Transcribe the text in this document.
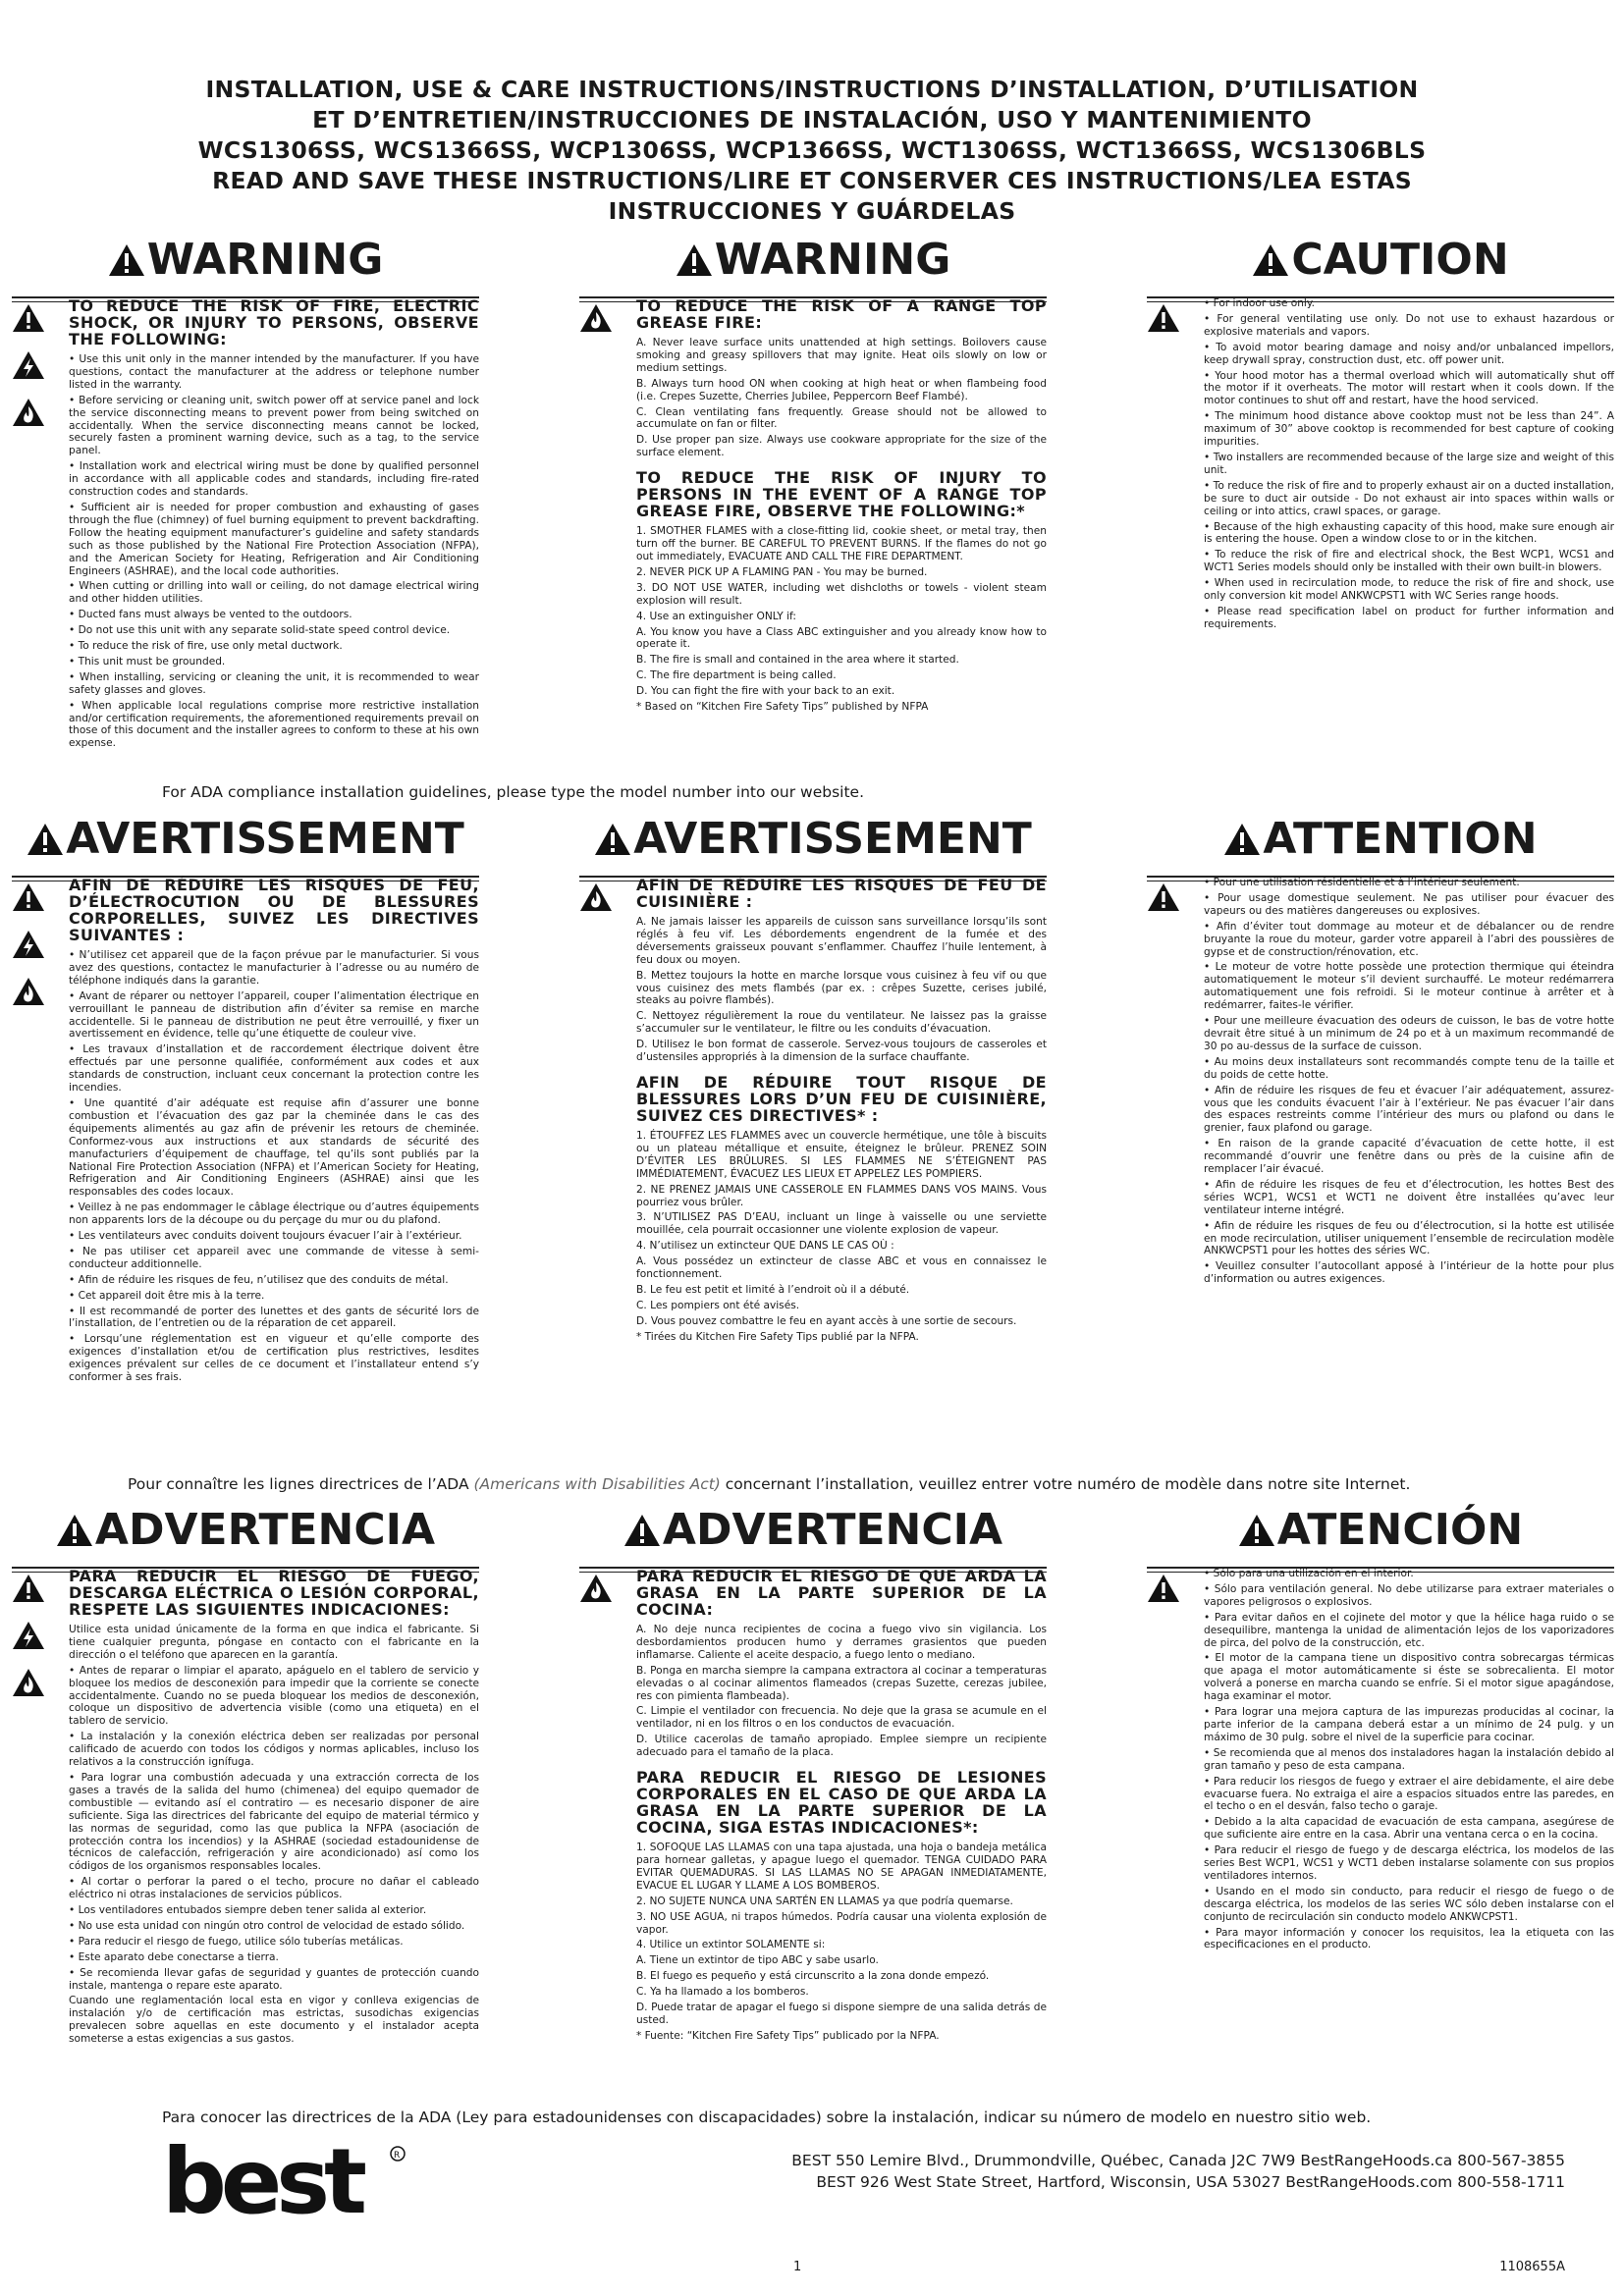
INSTALLATION, USE & CARE INSTRUCTIONS/INSTRUCTIONS D’INSTALLATION, D’UTILISATION
ET D’ENTRETIEN/INSTRUCCIONES DE INSTALACIÓN, USO Y MANTENIMIENTO
WCS1306SS, WCS1366SS, WCP1306SS, WCP1366SS, WCT1306SS, WCT1366SS, WCS1306BLS
READ AND SAVE THESE INSTRUCTIONS/LIRE ET CONSERVER CES INSTRUCTIONS/LEA ESTAS
INSTRUCCIONES Y GUÁRDELAS
WARNING	WARNING	CAUTION
TO REDUCE THE RISK OF FIRE, ELECTRIC SHOCK, OR INJURY TO PERSONS, OBSERVE THE FOLLOWING:
• Use this unit only in the manner intended by the manufacturer. If you have questions, contact the manufacturer at the address or telephone number listed in the warranty.
• Before servicing or cleaning unit, switch power off at service panel and lock the service disconnecting means to prevent power from being switched on accidentally. When the service disconnecting means cannot be locked, securely fasten a prominent warning device, such as a tag, to the service panel.
• Installation work and electrical wiring must be done by qualified personnel in accordance with all applicable codes and standards, including fire-rated construction codes and standards.
• Sufficient air is needed for proper combustion and exhausting of gases through the flue (chimney) of fuel burning equipment to prevent backdrafting. Follow the heating equipment manufacturer’s guideline and safety standards such as those published by the National Fire Protection Association (NFPA), and the American Society for Heating, Refrigeration and Air Conditioning Engineers (ASHRAE), and the local code authorities.
• When cutting or drilling into wall or ceiling, do not damage electrical wiring and other hidden utilities.
• Ducted fans must always be vented to the outdoors.
• Do not use this unit with any separate solid-state speed control device.
• To reduce the risk of fire, use only metal ductwork.
• This unit must be grounded.
• When installing, servicing or cleaning the unit, it is recommended to wear safety glasses and gloves.
• When applicable local regulations comprise more restrictive installation and/or certification requirements, the aforementioned requirements prevail on those of this document and the installer agrees to conform to these at his own expense.
TO REDUCE THE RISK OF A RANGE TOP GREASE FIRE:
A. Never leave surface units unattended at high settings. Boilovers cause smoking and greasy spillovers that may ignite. Heat oils slowly on low or medium settings.
B. Always turn hood ON when cooking at high heat or when flambeing food (i.e. Crepes Suzette, Cherries Jubilee, Peppercorn Beef Flambé).
C. Clean ventilating fans frequently. Grease should not be allowed to accumulate on fan or filter.
D. Use proper pan size. Always use cookware appropriate for the size of the surface element.
TO REDUCE THE RISK OF INJURY TO PERSONS IN THE EVENT OF A RANGE TOP GREASE FIRE, OBSERVE THE FOLLOWING:*
1. SMOTHER FLAMES with a close-fitting lid, cookie sheet, or metal tray, then turn off the burner. BE CAREFUL TO PREVENT BURNS. If the flames do not go out immediately, EVACUATE AND CALL THE FIRE DEPARTMENT.
2. NEVER PICK UP A FLAMING PAN - You may be burned.
3. DO NOT USE WATER, including wet dishcloths or towels - violent steam explosion will result.
4. Use an extinguisher ONLY if:
A. You know you have a Class ABC extinguisher and you already know how to operate it.
B. The fire is small and contained in the area where it started.
C. The fire department is being called.
D. You can fight the fire with your back to an exit.
* Based on “Kitchen Fire Safety Tips” published by NFPA
• For indoor use only.
• For general ventilating use only. Do not use to exhaust hazardous or explosive materials and vapors.
• To avoid motor bearing damage and noisy and/or unbalanced impellors, keep drywall spray, construction dust, etc. off power unit.
• Your hood motor has a thermal overload which will automatically shut off the motor if it overheats. The motor will restart when it cools down. If the motor continues to shut off and restart, have the hood serviced.
• The minimum hood distance above cooktop must not be less than 24”. A maximum of 30” above cooktop is recommended for best capture of cooking impurities.
• Two installers are recommended because of the large size and weight of this unit.
• To reduce the risk of fire and to properly exhaust air on a ducted installation, be sure to duct air outside - Do not exhaust air into spaces within walls or ceiling or into attics, crawl spaces, or garage.
• Because of the high exhausting capacity of this hood, make sure enough air is entering the house. Open a window close to or in the kitchen.
• To reduce the risk of fire and electrical shock, the Best WCP1, WCS1 and WCT1 Series models should only be installed with their own built-in blowers.
• When used in recirculation mode, to reduce the risk of fire and shock, use only conversion kit model ANKWCPST1 with WC Series range hoods.
• Please read specification label on product for further information and requirements.
For ADA compliance installation guidelines, please type the model number into our website.
AVERTISSEMENT	AVERTISSEMENT	ATTENTION
AFIN DE RÉDUIRE LES RISQUES DE FEU, D’ÉLECTROCUTION OU DE BLESSURES CORPORELLES, SUIVEZ LES DIRECTIVES SUIVANTES :
• N’utilisez cet appareil que de la façon prévue par le manufacturier. Si vous avez des questions, contactez le manufacturier à l’adresse ou au numéro de téléphone indiqués dans la garantie.
• Avant de réparer ou nettoyer l’appareil, couper l’alimentation électrique en verrouillant le panneau de distribution afin d’éviter sa remise en marche accidentelle. Si le panneau de distribution ne peut être verrouillé, y fixer un avertissement en évidence, telle qu’une étiquette de couleur vive.
• Les travaux d’installation et de raccordement électrique doivent être effectués par une personne qualifiée, conformément aux codes et aux standards de construction, incluant ceux concernant la protection contre les incendies.
• Une quantité d’air adéquate est requise afin d’assurer une bonne combustion et l’évacuation des gaz par la cheminée dans le cas des équipements alimentés au gaz afin de prévenir les retours de cheminée. Conformez-vous aux instructions et aux standards de sécurité des manufacturiers d’équipement de chauffage, tel qu’ils sont publiés par la National Fire Protection Association (NFPA) et l’American Society for Heating, Refrigeration and Air Conditioning Engineers (ASHRAE) ainsi que les responsables des codes locaux.
• Veillez à ne pas endommager le câblage électrique ou d’autres équipements non apparents lors de la découpe ou du perçage du mur ou du plafond.
• Les ventilateurs avec conduits doivent toujours évacuer l’air à l’extérieur.
• Ne pas utiliser cet appareil avec une commande de vitesse à semi-conducteur additionnelle.
• Afin de réduire les risques de feu, n’utilisez que des conduits de métal.
• Cet appareil doit être mis à la terre.
• Il est recommandé de porter des lunettes et des gants de sécurité lors de l’installation, de l’entretien ou de la réparation de cet appareil.
• Lorsqu’une réglementation est en vigueur et qu’elle comporte des exigences d’installation et/ou de certification plus restrictives, lesdites exigences prévalent sur celles de ce document et l’installateur entend s’y conformer à ses frais.
AFIN DE RÉDUIRE LES RISQUES DE FEU DE CUISINIÈRE :
A. Ne jamais laisser les appareils de cuisson sans surveillance lorsqu’ils sont réglés à feu vif. Les débordements engendrent de la fumée et des déversements graisseux pouvant s’enflammer. Chauffez l’huile lentement, à feu doux ou moyen.
B. Mettez toujours la hotte en marche lorsque vous cuisinez à feu vif ou que vous cuisinez des mets flambés (par ex. : crêpes Suzette, cerises jubilé, steaks au poivre flambés).
C. Nettoyez régulièrement la roue du ventilateur. Ne laissez pas la graisse s’accumuler sur le ventilateur, le filtre ou les conduits d’évacuation.
D. Utilisez le bon format de casserole. Servez-vous toujours de casseroles et d’ustensiles appropriés à la dimension de la surface chauffante.
AFIN DE RÉDUIRE TOUT RISQUE DE BLESSURES LORS D’UN FEU DE CUISINIÈRE, SUIVEZ CES DIRECTIVES* :
1. ÉTOUFFEZ LES FLAMMES avec un couvercle hermétique, une tôle à biscuits ou un plateau métallique et ensuite, éteignez le brûleur. PRENEZ SOIN D’ÉVITER LES BRÛLURES. SI LES FLAMMES NE S’ÉTEIGNENT PAS IMMÉDIATEMENT, ÉVACUEZ LES LIEUX ET APPELEZ LES POMPIERS.
2. NE PRENEZ JAMAIS UNE CASSEROLE EN FLAMMES DANS VOS MAINS. Vous pourriez vous brûler.
3. N’UTILISEZ PAS D’EAU, incluant un linge à vaisselle ou une serviette mouillée, cela pourrait occasionner une violente explosion de vapeur.
4. N’utilisez un extincteur QUE DANS LE CAS OÙ :
A. Vous possédez un extincteur de classe ABC et vous en connaissez le fonctionnement.
B. Le feu est petit et limité à l’endroit où il a débuté.
C. Les pompiers ont été avisés.
D. Vous pouvez combattre le feu en ayant accès à une sortie de secours.
* Tirées du Kitchen Fire Safety Tips publié par la NFPA.
• Pour une utilisation résidentielle et à l’intérieur seulement.
• Pour usage domestique seulement. Ne pas utiliser pour évacuer des vapeurs ou des matières dangereuses ou explosives.
• Afin d’éviter tout dommage au moteur et de débalancer ou de rendre bruyante la roue du moteur, garder votre appareil à l’abri des poussières de gypse et de construction/rénovation, etc.
• Le moteur de votre hotte possède une protection thermique qui éteindra automatiquement le moteur s’il devient surchauffé. Le moteur redémarrera automatiquement une fois refroidi. Si le moteur continue à arrêter et à redémarrer, faites-le vérifier.
• Pour une meilleure évacuation des odeurs de cuisson, le bas de votre hotte devrait être situé à un minimum de 24 po et à un maximum recommandé de 30 po au-dessus de la surface de cuisson.
• Au moins deux installateurs sont recommandés compte tenu de la taille et du poids de cette hotte.
• Afin de réduire les risques de feu et évacuer l’air adéquatement, assurez-vous que les conduits évacuent l’air à l’extérieur. Ne pas évacuer l’air dans des espaces restreints comme l’intérieur des murs ou plafond ou dans le grenier, faux plafond ou garage.
• En raison de la grande capacité d’évacuation de cette hotte, il est recommandé d’ouvrir une fenêtre dans ou près de la cuisine afin de remplacer l’air évacué.
• Afin de réduire les risques de feu et d’électrocution, les hottes Best des séries WCP1, WCS1 et WCT1 ne doivent être installées qu’avec leur ventilateur interne intégré.
• Afin de réduire les risques de feu ou d’électrocution, si la hotte est utilisée en mode recirculation, utiliser uniquement l’ensemble de recirculation modèle ANKWCPST1 pour les hottes des séries WC.
• Veuillez consulter l’autocollant apposé à l’intérieur de la hotte pour plus d’information ou autres exigences.
Pour connaître les lignes directrices de l’ADA (Americans with Disabilities Act) concernant l’installation, veuillez entrer votre numéro de modèle dans notre site Internet.
ADVERTENCIA	ADVERTENCIA	ATENCIÓN
PARA REDUCIR EL RIESGO DE FUEGO, DESCARGA ELÉCTRICA O LESIÓN CORPORAL, RESPETE LAS SIGUIENTES INDICACIONES:
Utilice esta unidad únicamente de la forma en que indica el fabricante. Si tiene cualquier pregunta, póngase en contacto con el fabricante en la dirección o el teléfono que aparecen en la garantía.
• Antes de reparar o limpiar el aparato, apáguelo en el tablero de servicio y bloquee los medios de desconexión para impedir que la corriente se conecte accidentalmente. Cuando no se pueda bloquear los medios de desconexión, coloque un dispositivo de advertencia visible (como una etiqueta) en el tablero de servicio.
• La instalación y la conexión eléctrica deben ser realizadas por personal calificado de acuerdo con todos los códigos y normas aplicables, incluso los relativos a la construcción ignífuga.
• Para lograr una combustión adecuada y una extracción correcta de los gases a través de la salida del humo (chimenea) del equipo quemador de combustible — evitando así el contratiro — es necesario disponer de aire suficiente. Siga las directrices del fabricante del equipo de material térmico y las normas de seguridad, como las que publica la NFPA (asociación de protección contra los incendios) y la ASHRAE (sociedad estadounidense de técnicos de calefacción, refrigeración y aire acondicionado) así como los códigos de los organismos responsables locales.
• Al cortar o perforar la pared o el techo, procure no dañar el cableado eléctrico ni otras instalaciones de servicios públicos.
• Los ventiladores entubados siempre deben tener salida al exterior.
• No use esta unidad con ningún otro control de velocidad de estado sólido.
• Para reducir el riesgo de fuego, utilice sólo tuberías metálicas.
• Este aparato debe conectarse a tierra.
• Se recomienda llevar gafas de seguridad y guantes de protección cuando instale, mantenga o repare este aparato.
Cuando une reglamentación local esta en vigor y conlleva exigencias de instalación y/o de certificación mas estrictas, susodichas exigencias prevalecen sobre aquellas en este documento y el instalador acepta someterse a estas exigencias a sus gastos.
PARA REDUCIR EL RIESGO DE QUE ARDA LA GRASA EN LA PARTE SUPERIOR DE LA COCINA:
A. No deje nunca recipientes de cocina a fuego vivo sin vigilancia. Los desbordamientos producen humo y derrames grasientos que pueden inflamarse. Caliente el aceite despacio, a fuego lento o mediano.
B. Ponga en marcha siempre la campana extractora al cocinar a temperaturas elevadas o al cocinar alimentos flameados (crepas Suzette, cerezas jubilee, res con pimienta flambeada).
C. Limpie el ventilador con frecuencia. No deje que la grasa se acumule en el ventilador, ni en los filtros o en los conductos de evacuación.
D. Utilice cacerolas de tamaño apropiado. Emplee siempre un recipiente adecuado para el tamaño de la placa.
PARA REDUCIR EL RIESGO DE LESIONES CORPORALES EN EL CASO DE QUE ARDA LA GRASA EN LA PARTE SUPERIOR DE LA COCINA, SIGA ESTAS INDICACIONES*:
1. SOFOQUE LAS LLAMAS con una tapa ajustada, una hoja o bandeja metálica para hornear galletas, y apague luego el quemador. TENGA CUIDADO PARA EVITAR QUEMADURAS. SI LAS LLAMAS NO SE APAGAN INMEDIATAMENTE, EVACUE EL LUGAR Y LLAME A LOS BOMBEROS.
2. NO SUJETE NUNCA UNA SARTÉN EN LLAMAS ya que podría quemarse.
3. NO USE AGUA, ni trapos húmedos. Podría causar una violenta explosión de vapor.
4. Utilice un extintor SOLAMENTE si:
A. Tiene un extintor de tipo ABC y sabe usarlo.
B. El fuego es pequeño y está circunscrito a la zona donde empezó.
C. Ya ha llamado a los bomberos.
D. Puede tratar de apagar el fuego si dispone siempre de una salida detrás de usted.
* Fuente: “Kitchen Fire Safety Tips” publicado por la NFPA.
• Sólo para una utilización en el interior.
• Sólo para ventilación general. No debe utilizarse para extraer materiales o vapores peligrosos o explosivos.
• Para evitar daños en el cojinete del motor y que la hélice haga ruido o se desequilibre, mantenga la unidad de alimentación lejos de los vaporizadores de pirca, del polvo de la construcción, etc.
• El motor de la campana tiene un dispositivo contra sobrecargas térmicas que apaga el motor automáticamente si éste se sobrecalienta. El motor volverá a ponerse en marcha cuando se enfríe. Si el motor sigue apagándose, haga examinar el motor.
• Para lograr una mejora captura de las impurezas producidas al cocinar, la parte inferior de la campana deberá estar a un mínimo de 24 pulg. y un máximo de 30 pulg. sobre el nivel de la superficie para cocinar.
• Se recomienda que al menos dos instaladores hagan la instalación debido al gran tamaño y peso de esta campana.
• Para reducir los riesgos de fuego y extraer el aire debidamente, el aire debe evacuarse fuera. No extraiga el aire a espacios situados entre las paredes, en el techo o en el desván, falso techo o garaje.
• Debido a la alta capacidad de evacuación de esta campana, asegúrese de que suficiente aire entre en la casa. Abrir una ventana cerca o en la cocina.
• Para reducir el riesgo de fuego y de descarga eléctrica, los modelos de las series Best WCP1, WCS1 y WCT1 deben instalarse solamente con sus propios ventiladores internos.
• Usando en el modo sin conducto, para reducir el riesgo de fuego o de descarga eléctrica, los modelos de las series WC sólo deben instalarse con el conjunto de recirculación sin conducto modelo ANKWCPST1.
• Para mayor información y conocer los requisitos, lea la etiqueta con las especificaciones en el producto.
Para conocer las directrices de la ADA (Ley para estadounidenses con discapacidades) sobre la instalación, indicar su número de modelo en nuestro sitio web.
best	R	BEST 550 Lemire Blvd., Drummondville, Québec, Canada J2C 7W9 BestRangeHoods.ca 800-567-3855
BEST 926 West State Street, Hartford, Wisconsin, USA 53027 BestRangeHoods.com 800-558-1711
1	1108655A
